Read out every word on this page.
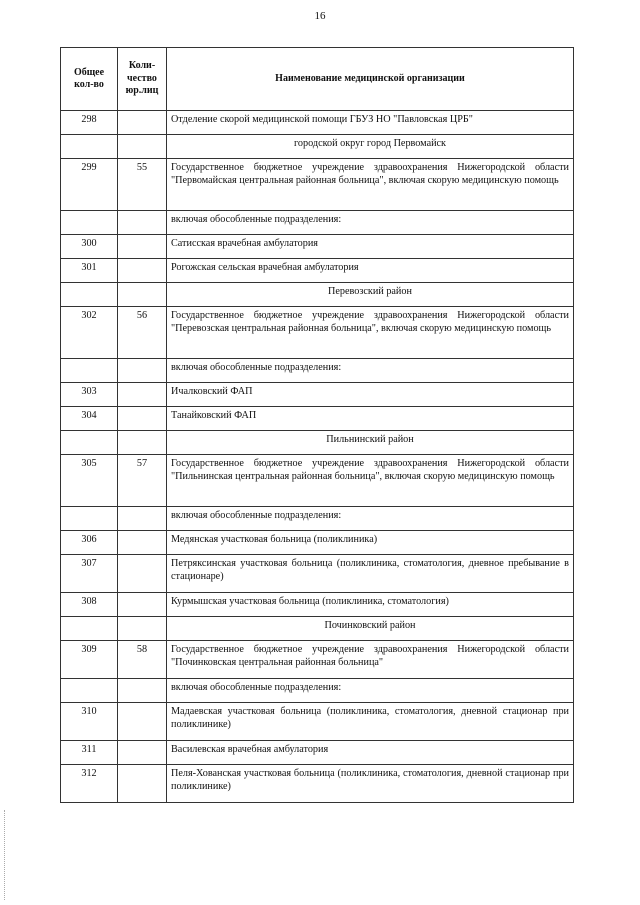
16
Общее кол-во	Коли-чество юр.лиц	Наименование медицинской организации
298		Отделение скорой медицинской помощи ГБУЗ НО "Павловская ЦРБ"
		городской округ город Первомайск
299	55	Государственное бюджетное учреждение здравоохранения Нижегородской области "Первомайская центральная районная больница", включая скорую медицинскую помощь
		включая обособленные подразделения:
300		Сатисская врачебная амбулатория
301		Рогожская сельская врачебная амбулатория
		Перевозский район
302	56	Государственное бюджетное учреждение здравоохранения Нижегородской области "Перевозская центральная районная больница", включая скорую медицинскую помощь
		включая обособленные подразделения:
303		Ичалковский ФАП
304		Танайковский ФАП
		Пильнинский район
305	57	Государственное бюджетное учреждение здравоохранения Нижегородской области "Пильнинская центральная районная больница", включая скорую медицинскую помощь
		включая обособленные подразделения:
306		Медянская участковая больница (поликлиника)
307		Петряксинская участковая больница (поликлиника, стоматология, дневное пребывание в стационаре)
308		Курмышская участковая больница (поликлиника, стоматология)
		Починковский район
309	58	Государственное бюджетное учреждение здравоохранения Нижегородской области "Починковская центральная районная больница"
		включая обособленные подразделения:
310		Мадаевская участковая больница (поликлиника, стоматология, дневной стационар при поликлинике)
311		Василевская врачебная амбулатория
312		Пеля-Хованская участковая больница (поликлиника, стоматология, дневной стационар при поликлинике)
